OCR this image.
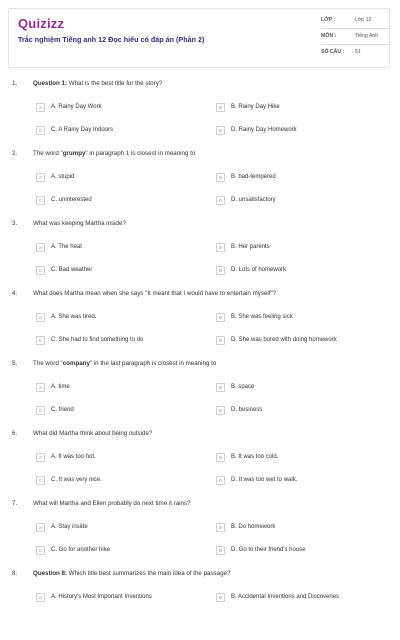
Quizizz
Trắc nghiệm Tiếng anh 12 Đọc hiểu có đáp án (Phần 2)
LỚP :	Lớp 12
MÔN :	Tiếng Anh
SỐ CÂU : 51
1.	Question 1: What is the best title for the story?
A	A. Rainy Day Work	B	B. Rainy Day Hike
C	C. A Rainy Day Indoors	D	D. Rainy Day Homework
2.	The word "grumpy" in paragraph 1 is closest in meaning to
A	A. stupid	B	B. bad-tempered
C	C. uninterested	D	D. unsatisfactory
3.	What was keeping Martha inside?
A	A. The heat	B	B. Her parents
C	C. Bad weather	D	D. Lots of homework
4.	What does Martha mean when she says "It meant that I would have to entertain myself"?
A	A. She was tired.	B	B. She was feeling sick
C	C. She had to find something to do	D	D. She was bored with doing homework
5.	The word "company" in the last paragraph is closest in meaning to
A	A. time	B	B. space
C	C. friend	D	D. business
6.	What did Martha think about being outside?
A	A. It was too hot.	B	B. It was too cold.
C	C. It was very nice.	D	D. It was too wet to walk.
7.	What will Martha and Ellen probably do next time it rains?
A	A. Stay inside	B	B. Do homework
C	C. Go for another hike	D	D. Go to their friend's house
8.	Question 8: Which title best summarizes the main idea of the passage?
A	A. History's Most Important Inventions	B	B. Accidental Inventions and Discoveries
